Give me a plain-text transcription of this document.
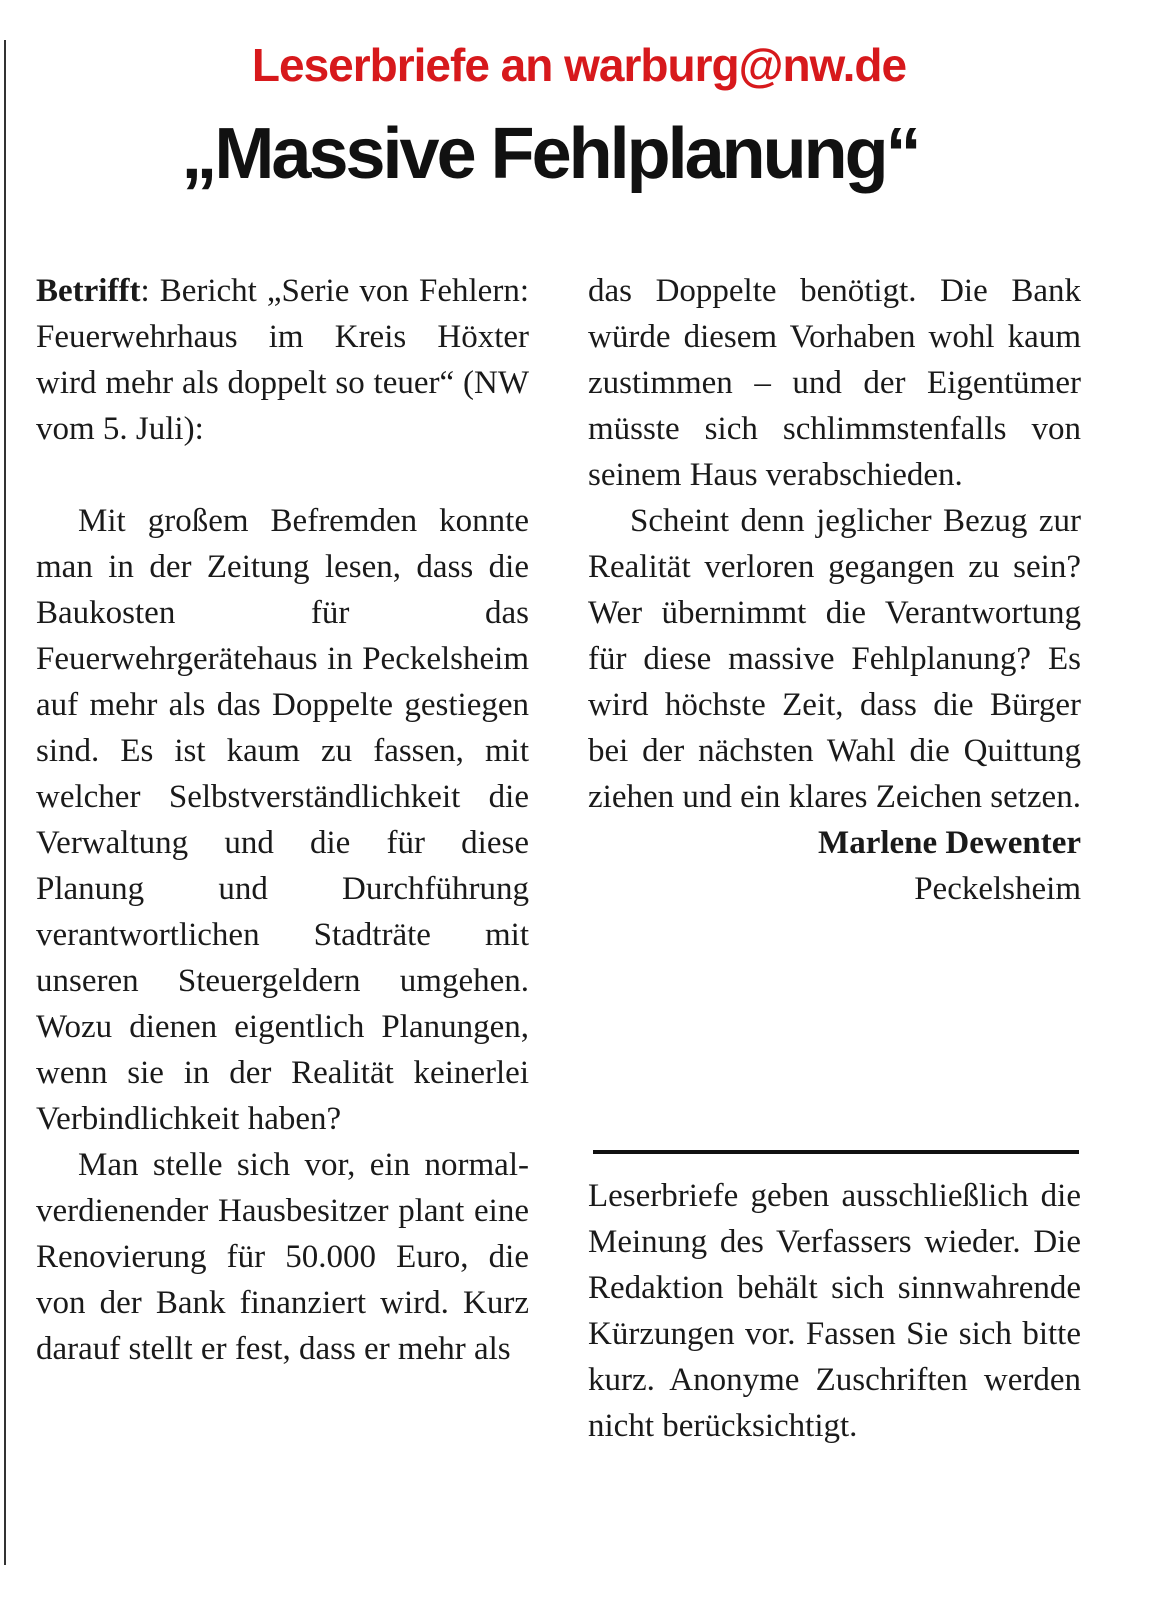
Leserbriefe an warburg@nw.de
„Massive Fehlplanung“

Betrifft: Bericht „Serie von Fehlern: Feuerwehrhaus im Kreis Höxter wird mehr als doppelt so teuer“ (NW vom 5. Juli):

Mit großem Befremden konnte man in der Zeitung lesen, dass die Baukosten für das Feuerwehrgerätehaus in Peckelsheim auf mehr als das Doppelte gestiegen sind. Es ist kaum zu fassen, mit welcher Selbstverständlichkeit die Verwaltung und die für diese Planung und Durchführung verantwortlichen Stadträte mit unseren Steuergeldern umgehen. Wozu dienen eigentlich Planungen, wenn sie in der Realität keinerlei Verbindlichkeit haben?

Man stelle sich vor, ein normalverdienender Hausbesitzer plant eine Renovierung für 50.000 Euro, die von der Bank finanziert wird. Kurz darauf stellt er fest, dass er mehr als

das Doppelte benötigt. Die Bank würde diesem Vorhaben wohl kaum zustimmen – und der Eigentümer müsste sich schlimmstenfalls von seinem Haus verabschieden.

Scheint denn jeglicher Bezug zur Realität verloren gegangen zu sein? Wer übernimmt die Verantwortung für diese massive Fehlplanung? Es wird höchste Zeit, dass die Bürger bei der nächsten Wahl die Quittung ziehen und ein klares Zeichen setzen.

Marlene Dewenter

Peckelsheim

Leserbriefe geben ausschließlich die Meinung des Verfassers wieder. Die Redaktion behält sich sinnwahrende Kürzungen vor. Fassen Sie sich bitte kurz. Anonyme Zuschriften werden nicht berücksichtigt.
